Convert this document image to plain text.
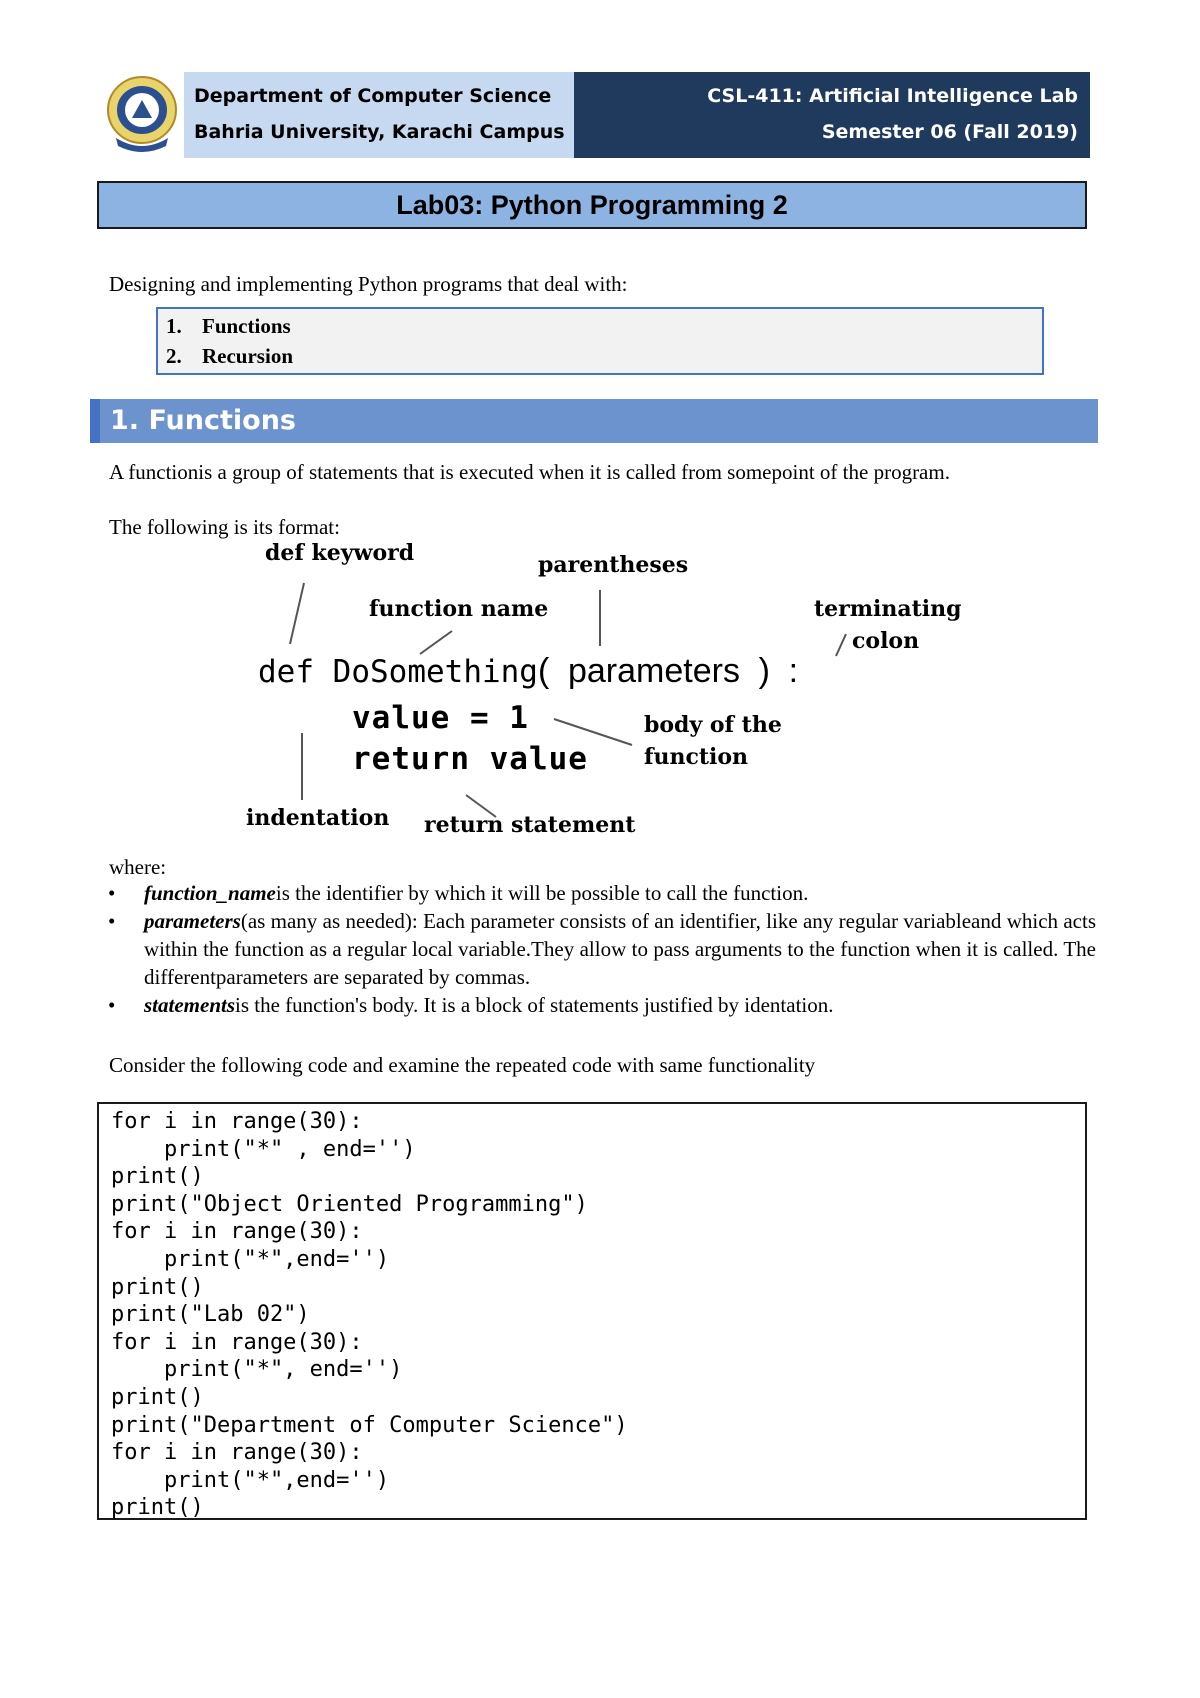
Department of Computer Science
Bahria University, Karachi Campus
CSL-411: Artificial Intelligence Lab
Semester 06 (Fall 2019)
Lab03: Python Programming 2
Designing and implementing Python programs that deal with:
1. Functions
2. Recursion
1. Functions
A functionis a group of statements that is executed when it is called from somepoint of the program.
The following is its format:
def keyword
function name
parentheses
terminating
colon
def DoSomething( parameters ) :
value = 1
return value
body of the
function
indentation return statement
where:
• function_nameis the identifier by which it will be possible to call the function.
• parameters(as many as needed): Each parameter consists of an identifier, like any regular variableand which acts within the function as a regular local variable.They allow to pass arguments to the function when it is called. The differentparameters are separated by commas.
• statementsis the function's body. It is a block of statements justified by identation.
Consider the following code and examine the repeated code with same functionality
for i in range(30):
print("*" , end='')
print()
print("Object Oriented Programming")
for i in range(30):
print("*",end='')
print()
print("Lab 02")
for i in range(30):
print("*", end='')
print()
print("Department of Computer Science")
for i in range(30):
print("*",end='')
print()
